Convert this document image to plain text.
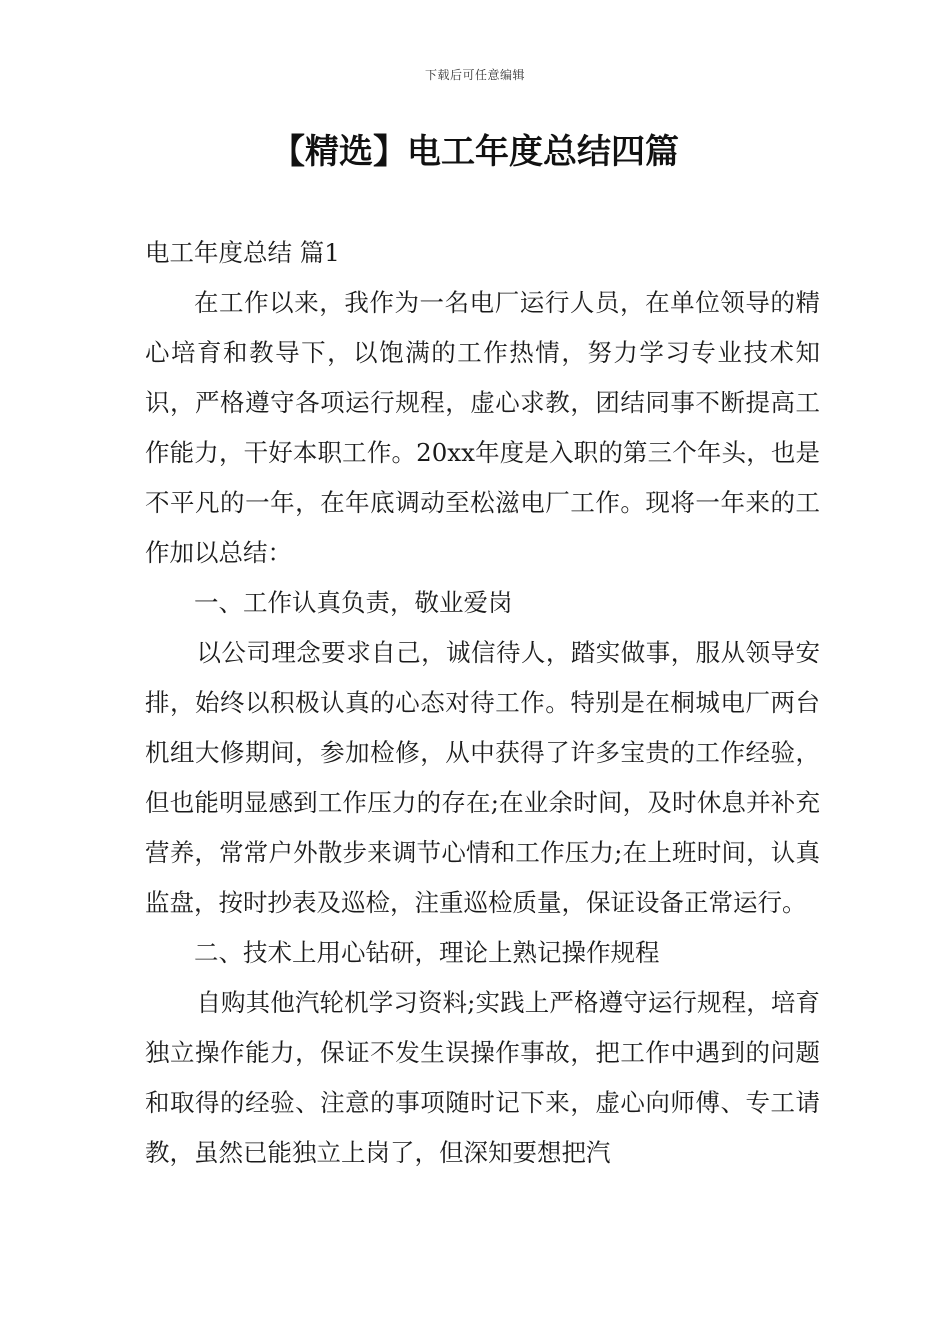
下载后可任意编辑
【精选】电工年度总结四篇

电工年度总结 篇1

在工作以来，我作为一名电厂运行人员，在单位领导的精心培育和教导下，以饱满的工作热情，努力学习专业技术知识，严格遵守各项运行规程，虚心求教，团结同事不断提高工作能力，干好本职工作。20xx年度是入职的第三个年头，也是不平凡的一年，在年底调动至松滋电厂工作。现将一年来的工作加以总结：

一、工作认真负责，敬业爱岗

以公司理念要求自己，诚信待人，踏实做事，服从领导安排，始终以积极认真的心态对待工作。特别是在桐城电厂两台机组大修期间，参加检修，从中获得了许多宝贵的工作经验，但也能明显感到工作压力的存在;在业余时间，及时休息并补充营养，常常户外散步来调节心情和工作压力;在上班时间，认真监盘，按时抄表及巡检，注重巡检质量，保证设备正常运行。

二、技术上用心钻研，理论上熟记操作规程

自购其他汽轮机学习资料;实践上严格遵守运行规程，培育独立操作能力，保证不发生误操作事故，把工作中遇到的问题和取得的经验、注意的事项随时记下来，虚心向师傅、专工请教，虽然已能独立上岗了，但深知要想把汽
